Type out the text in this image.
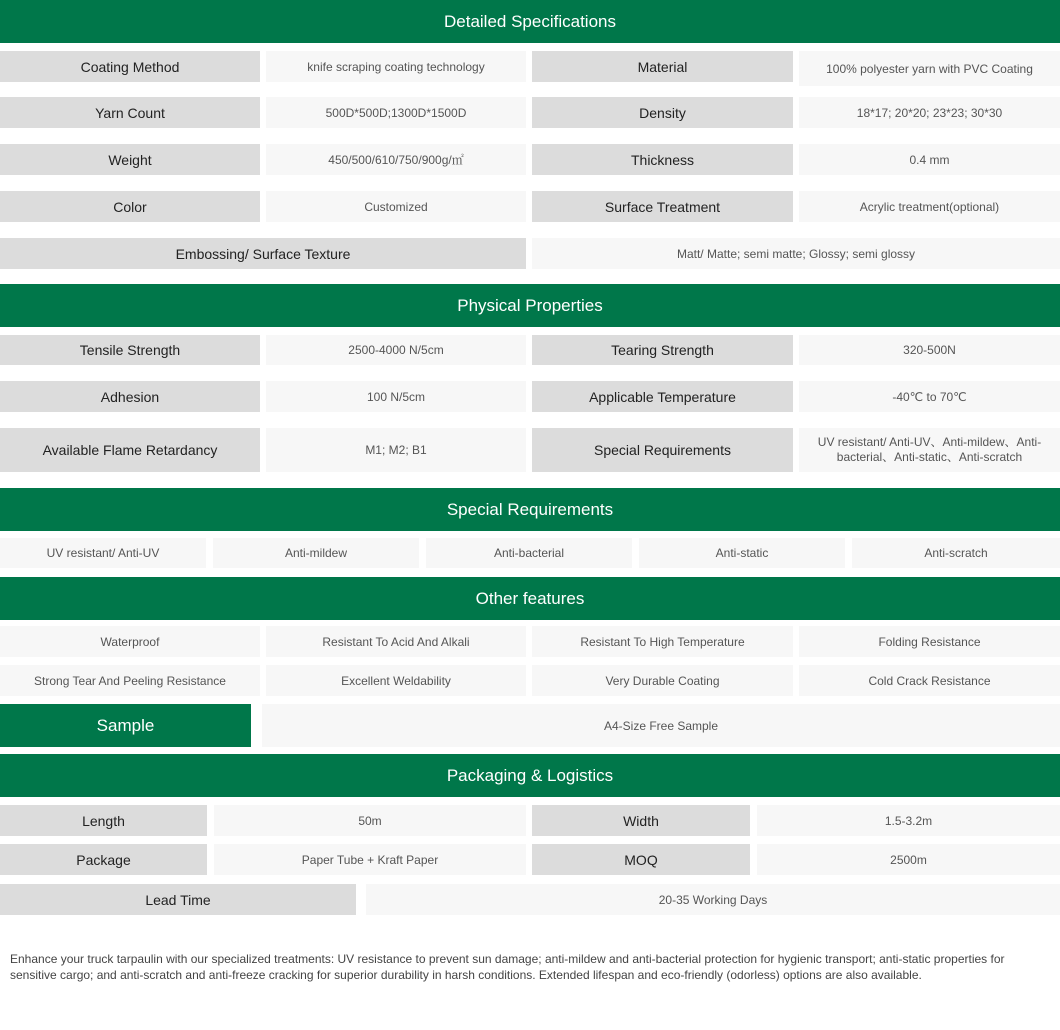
Detailed Specifications
Coating Method	knife scraping coating technology	Material	100% polyester yarn with PVC Coating
Yarn Count	500D*500D;1300D*1500D	Density	18*17; 20*20; 23*23; 30*30
Weight	450/500/610/750/900g/㎡	Thickness	0.4 mm
Color	Customized	Surface Treatment	Acrylic treatment(optional)
Embossing/ Surface Texture	Matt/ Matte; semi matte; Glossy; semi glossy
Physical Properties
Tensile Strength	2500-4000 N/5cm	Tearing Strength	320-500N
Adhesion	100 N/5cm	Applicable Temperature	-40℃ to 70℃
Available Flame Retardancy	M1; M2; B1	Special Requirements	UV resistant/ Anti-UV、Anti-mildew、Anti-bacterial、Anti-static、Anti-scratch
Special Requirements
UV resistant/ Anti-UV	Anti-mildew	Anti-bacterial	Anti-static	Anti-scratch
Other features
Waterproof	Resistant To Acid And Alkali	Resistant To High Temperature	Folding Resistance
Strong Tear And Peeling Resistance	Excellent Weldability	Very Durable Coating	Cold Crack Resistance
Sample	A4-Size Free Sample
Packaging & Logistics
Length	50m	Width	1.5-3.2m
Package	Paper Tube + Kraft Paper	MOQ	2500m
Lead Time	20-35 Working Days
Enhance your truck tarpaulin with our specialized treatments: UV resistance to prevent sun damage; anti-mildew and anti-bacterial protection for hygienic transport; anti-static properties for sensitive cargo; and anti-scratch and anti-freeze cracking for superior durability in harsh conditions. Extended lifespan and eco-friendly (odorless) options are also available.
